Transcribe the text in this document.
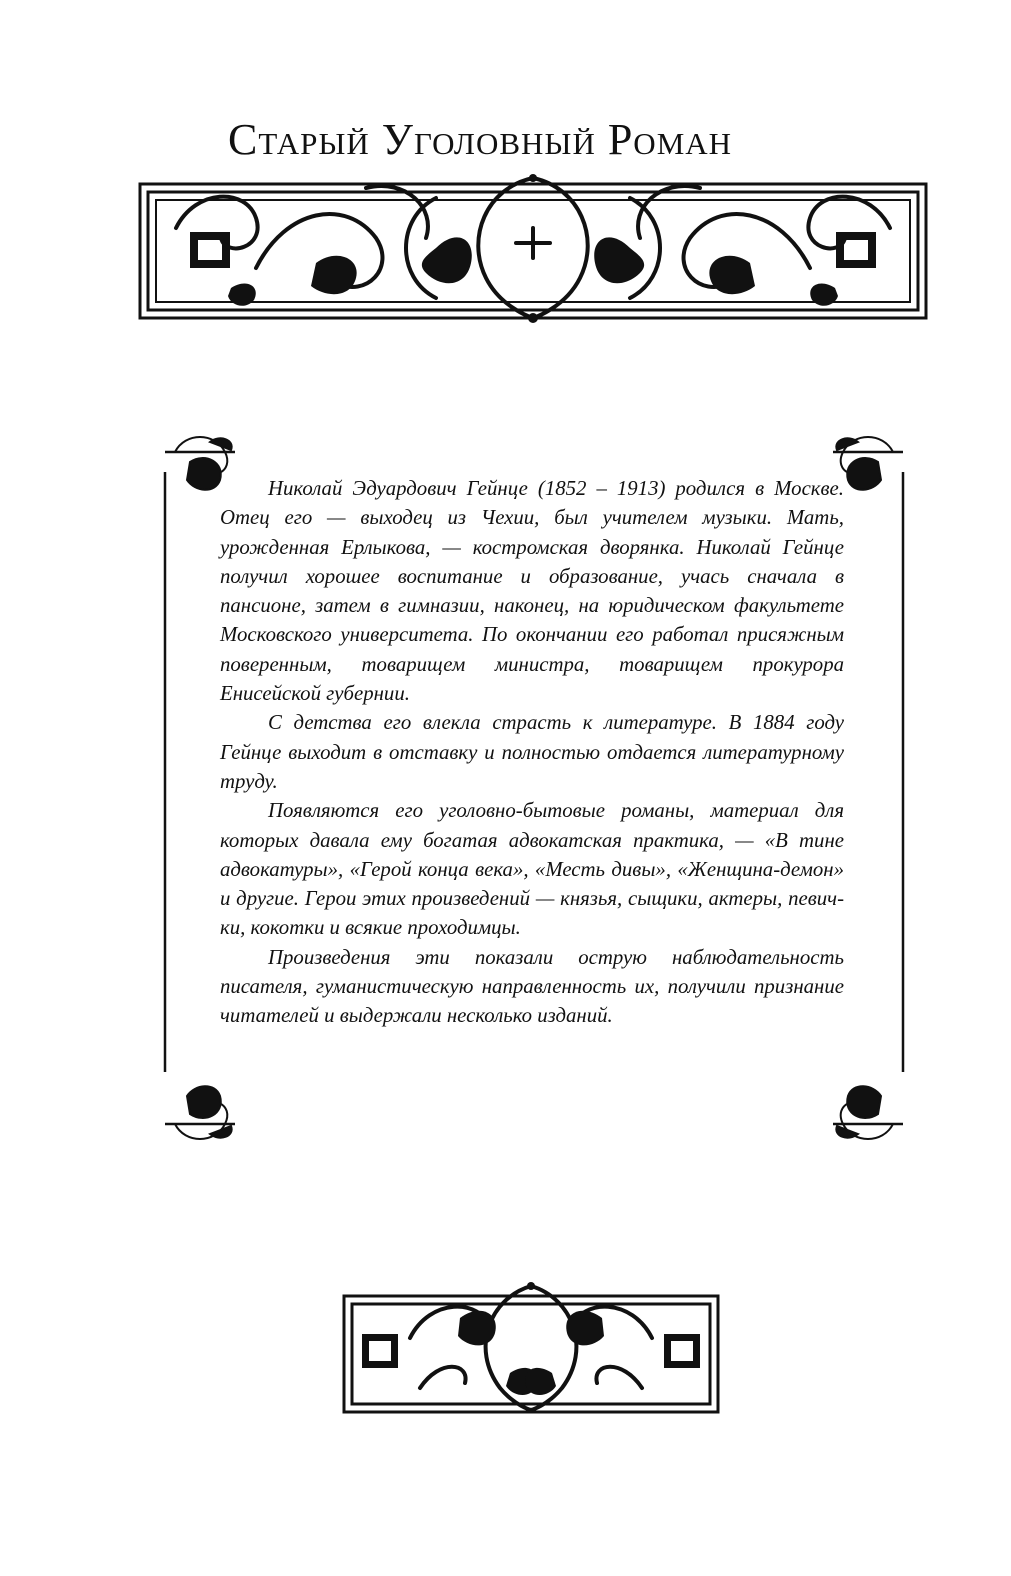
Старый Уголовный Роман

Николай Эдуардович Гейнце (1852 – 1913) родился в Москве. Отец его — выходец из Чехии, был учителем музыки. Мать, урожденная Ерлыкова, — костромская дворянка. Николай Гейнце получил хорошее воспитание и образование, учась сначала в пансионе, затем в гимназии, наконец, на юридическом факультете Московского университета. По окончании его работал присяжным поверенным, товарищем министра, товарищем прокурора Енисейской губернии.

С детства его влекла страсть к литературе. В 1884 году Гейнце выходит в отставку и полностью отдается литературному труду.

Появляются его уголовно-бытовые романы, материал для которых давала ему богатая адвокатская практика, — «В тине адвокатуры», «Герой конца века», «Месть дивы», «Женщина-демон» и другие. Герои этих произведений — князья, сыщики, актеры, певички, кокотки и всякие проходимцы.

Произведения эти показали острую наблюдательность писателя, гуманистическую направленность их, получили признание читателей и выдержали несколько изданий.
